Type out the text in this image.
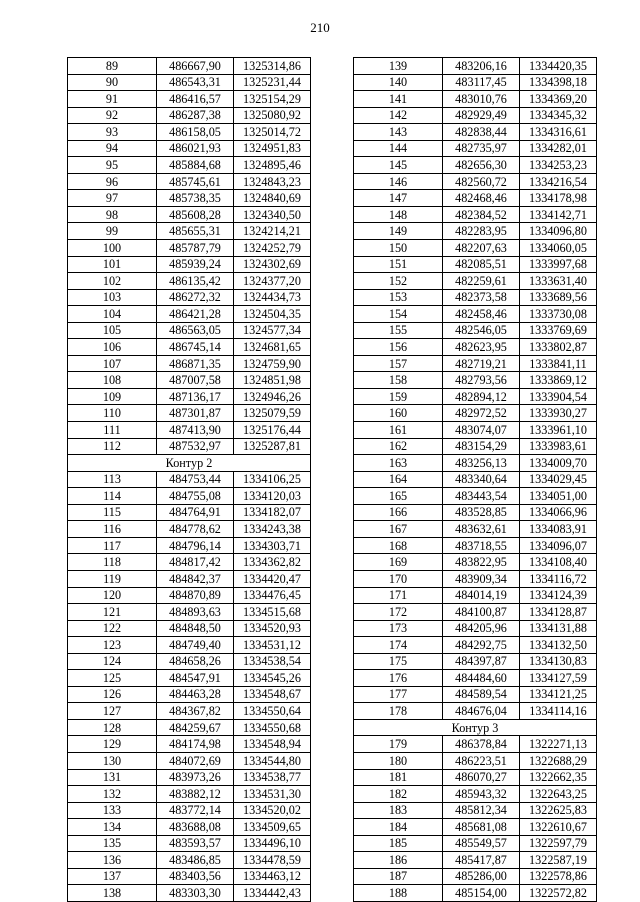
210
89	486667,90	1325314,86
90	486543,31	1325231,44
91	486416,57	1325154,29
92	486287,38	1325080,92
93	486158,05	1325014,72
94	486021,93	1324951,83
95	485884,68	1324895,46
96	485745,61	1324843,23
97	485738,35	1324840,69
98	485608,28	1324340,50
99	485655,31	1324214,21
100	485787,79	1324252,79
101	485939,24	1324302,69
102	486135,42	1324377,20
103	486272,32	1324434,73
104	486421,28	1324504,35
105	486563,05	1324577,34
106	486745,14	1324681,65
107	486871,35	1324759,90
108	487007,58	1324851,98
109	487136,17	1324946,26
110	487301,87	1325079,59
111	487413,90	1325176,44
112	487532,97	1325287,81
Контур 2		
113	484753,44	1334106,25
114	484755,08	1334120,03
115	484764,91	1334182,07
116	484778,62	1334243,38
117	484796,14	1334303,71
118	484817,42	1334362,82
119	484842,37	1334420,47
120	484870,89	1334476,45
121	484893,63	1334515,68
122	484848,50	1334520,93
123	484749,40	1334531,12
124	484658,26	1334538,54
125	484547,91	1334545,26
126	484463,28	1334548,67
127	484367,82	1334550,64
128	484259,67	1334550,68
129	484174,98	1334548,94
130	484072,69	1334544,80
131	483973,26	1334538,77
132	483882,12	1334531,30
133	483772,14	1334520,02
134	483688,08	1334509,65
135	483593,57	1334496,10
136	483486,85	1334478,59
137	483403,56	1334463,12
138	483303,30	1334442,43
139	483206,16	1334420,35
140	483117,45	1334398,18
141	483010,76	1334369,20
142	482929,49	1334345,32
143	482838,44	1334316,61
144	482735,97	1334282,01
145	482656,30	1334253,23
146	482560,72	1334216,54
147	482468,46	1334178,98
148	482384,52	1334142,71
149	482283,95	1334096,80
150	482207,63	1334060,05
151	482085,51	1333997,68
152	482259,61	1333631,40
153	482373,58	1333689,56
154	482458,46	1333730,08
155	482546,05	1333769,69
156	482623,95	1333802,87
157	482719,21	1333841,11
158	482793,56	1333869,12
159	482894,12	1333904,54
160	482972,52	1333930,27
161	483074,07	1333961,10
162	483154,29	1333983,61
163	483256,13	1334009,70
164	483340,64	1334029,45
165	483443,54	1334051,00
166	483528,85	1334066,96
167	483632,61	1334083,91
168	483718,55	1334096,07
169	483822,95	1334108,40
170	483909,34	1334116,72
171	484014,19	1334124,39
172	484100,87	1334128,87
173	484205,96	1334131,88
174	484292,75	1334132,50
175	484397,87	1334130,83
176	484484,60	1334127,59
177	484589,54	1334121,25
178	484676,04	1334114,16
Контур 3		
179	486378,84	1322271,13
180	486223,51	1322688,29
181	486070,27	1322662,35
182	485943,32	1322643,25
183	485812,34	1322625,83
184	485681,08	1322610,67
185	485549,57	1322597,79
186	485417,87	1322587,19
187	485286,00	1322578,86
188	485154,00	1322572,82
